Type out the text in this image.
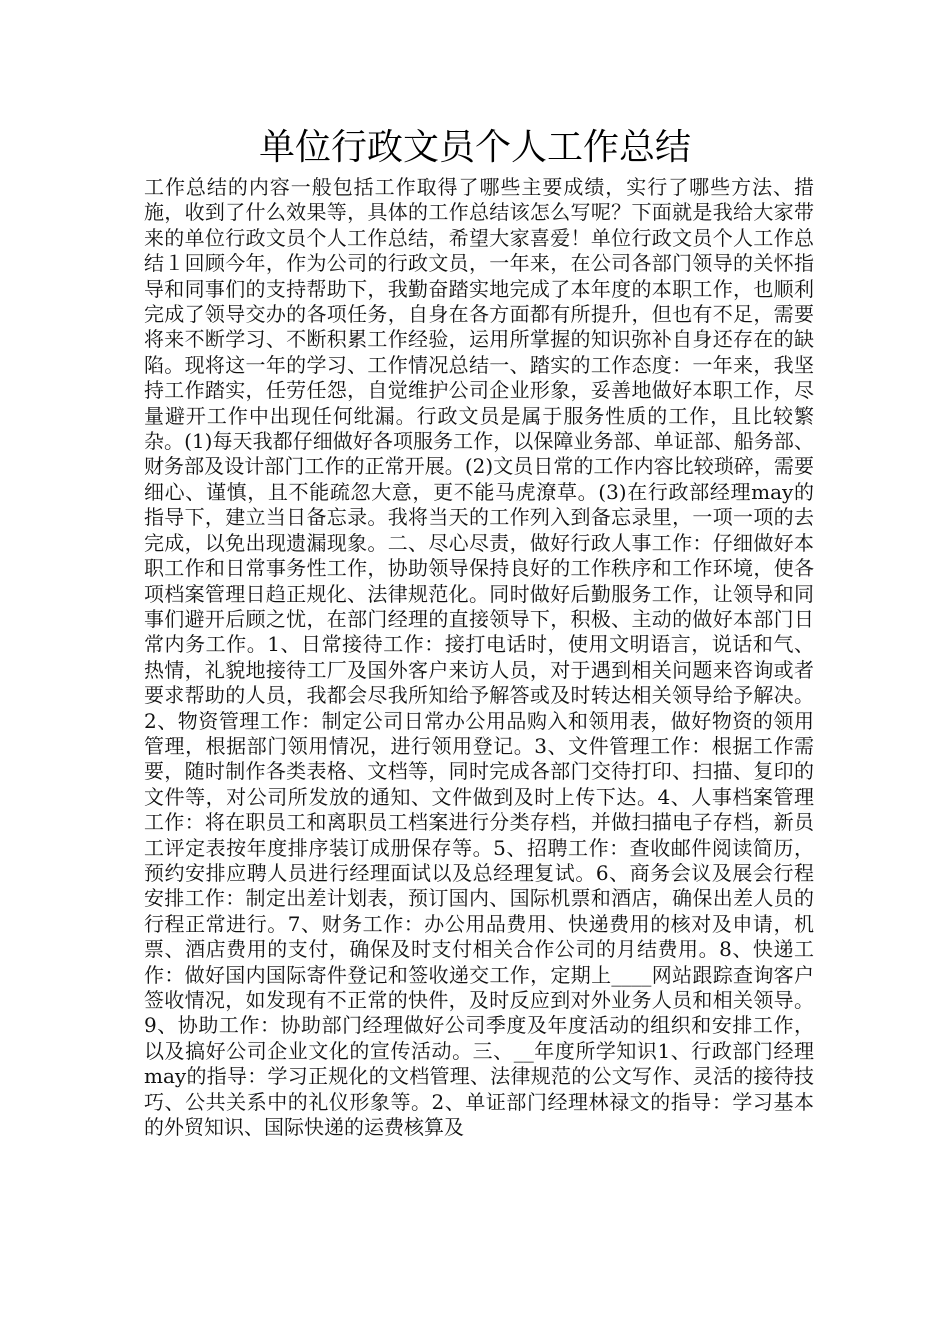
单位行政文员个人工作总结

工作总结的内容一般包括工作取得了哪些主要成绩，实行了哪些方法、措施，收到了什么效果等，具体的工作总结该怎么写呢？下面就是我给大家带来的单位行政文员个人工作总结，希望大家喜爱！单位行政文员个人工作总结１回顾今年，作为公司的行政文员，一年来，在公司各部门领导的关怀指导和同事们的支持帮助下，我勤奋踏实地完成了本年度的本职工作，也顺利完成了领导交办的各项任务，自身在各方面都有所提升，但也有不足，需要将来不断学习、不断积累工作经验，运用所掌握的知识弥补自身还存在的缺陷。现将这一年的学习、工作情况总结一、踏实的工作态度：一年来，我坚持工作踏实，任劳任怨，自觉维护公司企业形象，妥善地做好本职工作，尽量避开工作中出现任何纰漏。行政文员是属于服务性质的工作，且比较繁杂。(1)每天我都仔细做好各项服务工作，以保障业务部、单证部、船务部、财务部及设计部门工作的正常开展。(2)文员日常的工作内容比较琐碎，需要细心、谨慎，且不能疏忽大意，更不能马虎潦草。(3)在行政部经理may的指导下，建立当日备忘录。我将当天的工作列入到备忘录里，一项一项的去完成，以免出现遗漏现象。二、尽心尽责，做好行政人事工作：仔细做好本职工作和日常事务性工作，协助领导保持良好的工作秩序和工作环境，使各项档案管理日趋正规化、法律规范化。同时做好后勤服务工作，让领导和同事们避开后顾之忧，在部门经理的直接领导下，积极、主动的做好本部门日常内务工作。1、日常接待工作：接打电话时，使用文明语言，说话和气、热情，礼貌地接待工厂及国外客户来访人员，对于遇到相关问题来咨询或者要求帮助的人员，我都会尽我所知给予解答或及时转达相关领导给予解决。2、物资管理工作：制定公司日常办公用品购入和领用表，做好物资的领用管理，根据部门领用情况，进行领用登记。3、文件管理工作：根据工作需要，随时制作各类表格、文档等，同时完成各部门交待打印、扫描、复印的文件等，对公司所发放的通知、文件做到及时上传下达。4、人事档案管理工作：将在职员工和离职员工档案进行分类存档，并做扫描电子存档，新员工评定表按年度排序装订成册保存等。5、招聘工作：查收邮件阅读简历，预约安排应聘人员进行经理面试以及总经理复试。6、商务会议及展会行程安排工作：制定出差计划表，预订国内、国际机票和酒店，确保出差人员的行程正常进行。7、财务工作：办公用品费用、快递费用的核对及申请，机票、酒店费用的支付，确保及时支付相关合作公司的月结费用。8、快递工作：做好国内国际寄件登记和签收递交工作，定期上____网站跟踪查询客户签收情况，如发现有不正常的快件，及时反应到对外业务人员和相关领导。9、协助工作：协助部门经理做好公司季度及年度活动的组织和安排工作，以及搞好公司企业文化的宣传活动。三、__年度所学知识1、行政部门经理may的指导：学习正规化的文档管理、法律规范的公文写作、灵活的接待技巧、公共关系中的礼仪形象等。2、单证部门经理林禄文的指导：学习基本的外贸知识、国际快递的运费核算及
